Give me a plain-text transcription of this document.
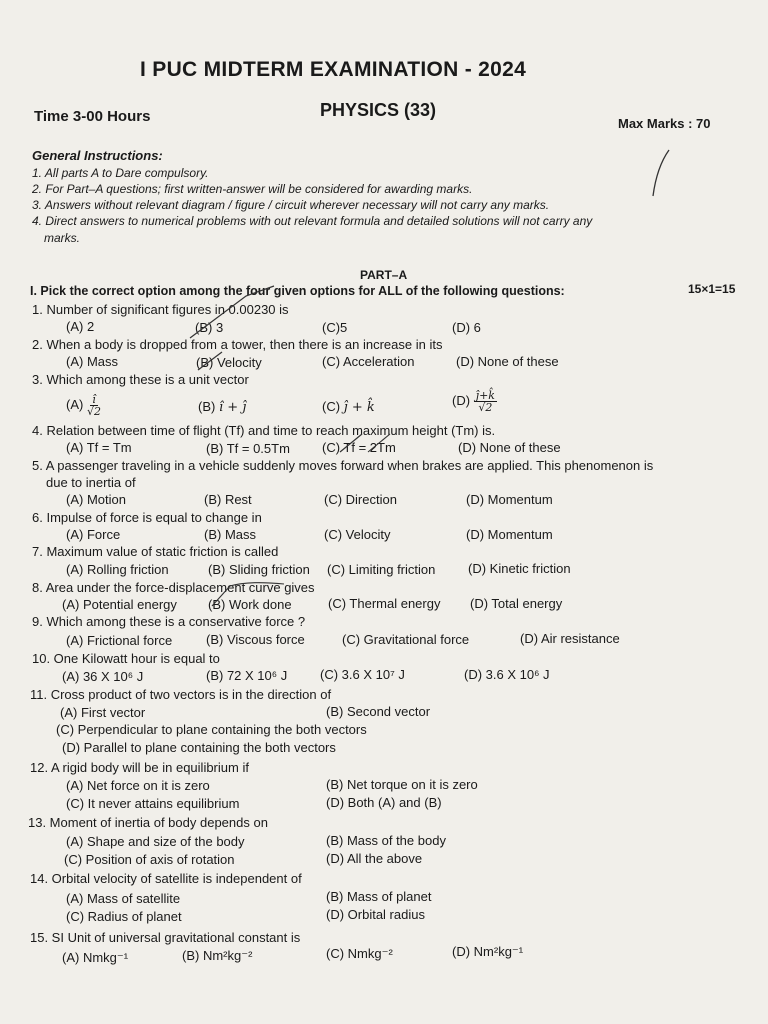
I PUC MIDTERM EXAMINATION - 2024
PHYSICS (33)
Time 3-00 Hours	Max Marks : 70
General Instructions:
1. All parts A to Dare compulsory.
2. For Part–A questions; first written-answer will be considered for awarding marks.
3. Answers without relevant diagram / figure / circuit wherever necessary will not carry any marks.
4. Direct answers to numerical problems with out relevant formula and detailed solutions will not carry any
marks.
PART–A
I. Pick the correct option among the four given options for ALL of the following questions:	15×1=15
1. Number of significant figures in 0.00230 is
(A) 2	(B) 3	(C)5	(D) 6
2. When a body is dropped from a tower, then there is an increase in its
(A) Mass	(B) Velocity	(C) Acceleration	(D) None of these
3. Which among these is a unit vector
$(A) \frac{î}{√2}$	(B) î + ĵ	(C) ĵ + k̂	$(D) \frac{ĵ+k̂}{√2}$
4. Relation between time of flight (Tf) and time to reach maximum height (Tm) is.
(A) Tf = Tm	(B) Tf = 0.5Tm (C) Tf = 2Tm	(D) None of these
5. A passenger traveling in a vehicle suddenly moves forward when brakes are applied. This phenomenon is
due to inertia of
(A) Motion	(B) Rest	(C) Direction	(D) Momentum
6. Impulse of force is equal to change in
(A) Force	(B) Mass	(C) Velocity	(D) Momentum
7. Maximum value of static friction is called
(A) Rolling friction	(B) Sliding friction (C) Limiting friction	(D) Kinetic friction
8. Area under the force-displacement curve gives
(A) Potential energy (B) Work done	(C) Thermal energy (D) Total energy
9. Which among these is a conservative force ?
(A) Frictional force	(B) Viscous force	(C) Gravitational force	(D) Air resistance
10. One Kilowatt hour is equal to
(A) 36 X 10⁶ J	(B) 72 X 10⁶ J	(C) 3.6 X 10⁷ J	(D) 3.6 X 10⁶ J
11. Cross product of two vectors is in the direction of
(A) First vector	(B) Second vector
(C) Perpendicular to plane containing the both vectors
(D) Parallel to plane containing the both vectors
12. A rigid body will be in equilibrium if
(A) Net force on it is zero	(B) Net torque on it is zero
(C) It never attains equilibrium	(D) Both (A) and (B)
13. Moment of inertia of body depends on
(A) Shape and size of the body	(B) Mass of the body
(C) Position of axis of rotation	(D) All the above
14. Orbital velocity of satellite is independent of
(A) Mass of satellite	(B) Mass of planet
(C) Radius of planet	(D) Orbital radius
15. SI Unit of universal gravitational constant is
(A) Nmkg⁻¹	(B) Nm²kg⁻²	(C) Nmkg⁻²	(D) Nm²kg⁻¹
